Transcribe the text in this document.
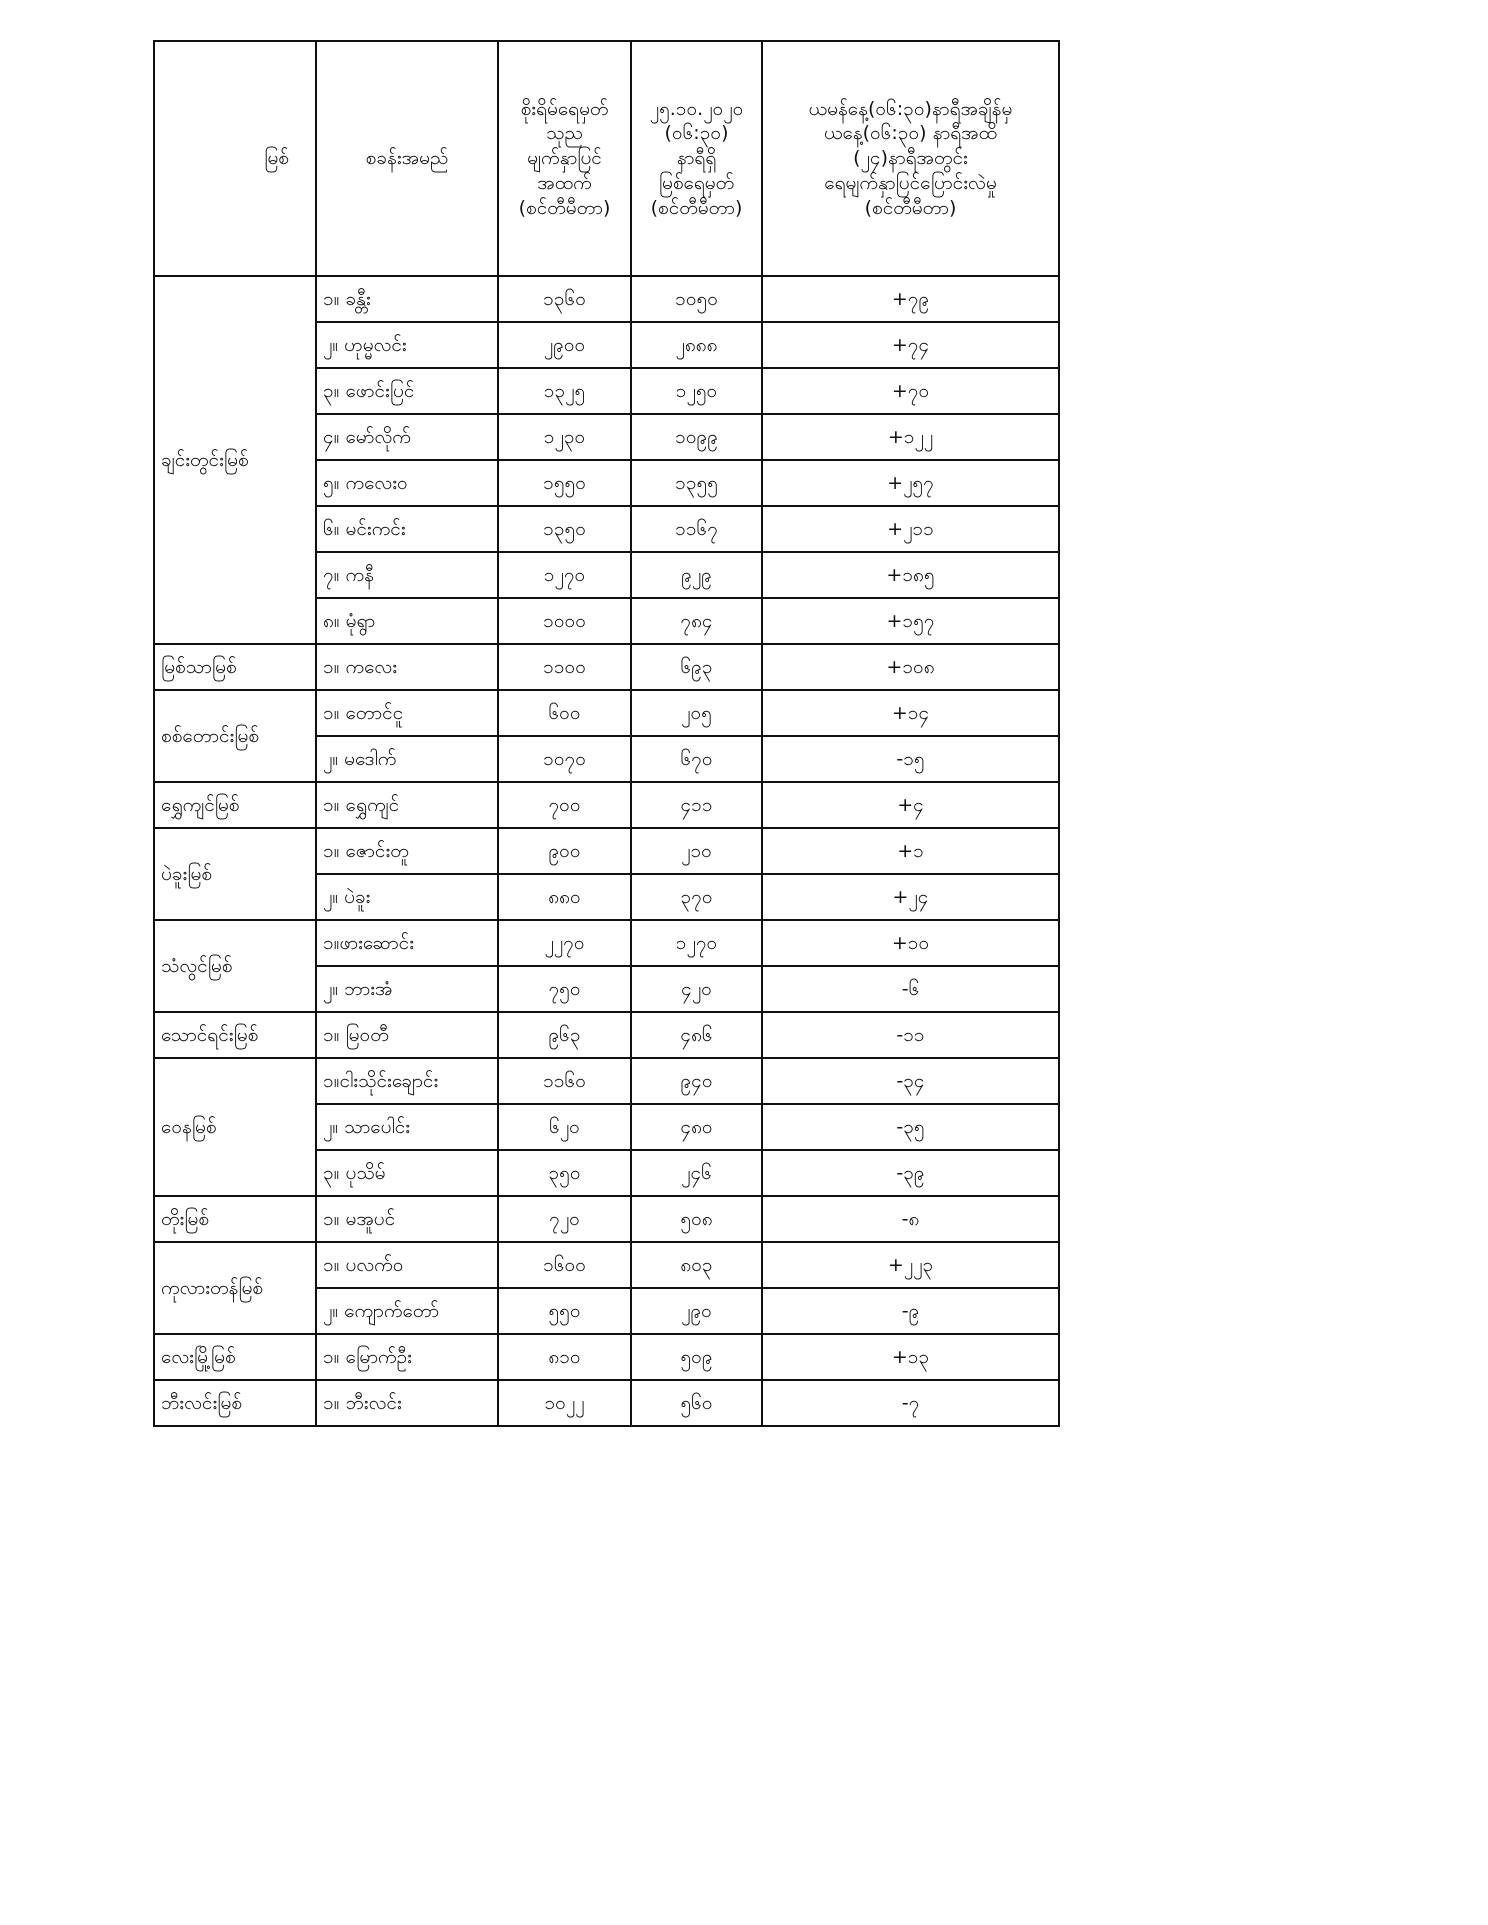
မြစ်	စခန်းအမည်	စိုးရိမ်ရေမှတ်
သုည
မျက်နှာပြင်
အထက်
(စင်တီမီတာ)	၂၅.၁၀.၂၀၂၀
(၀၆:၃၀)
နာရီရှိ
မြစ်ရေမှတ်
(စင်တီမီတာ)	ယမန်နေ့(၀၆:၃၀)နာရီအချိန်မှ
ယနေ့(၀၆:၃၀) နာရီအထိ
(၂၄)နာရီအတွင်း
ရေမျက်နှာပြင်ပြောင်းလဲမှု
(စင်တီမီတာ)
ချင်းတွင်းမြစ်	၁။ ခန္တီး	၁၃၆၀	၁၀၅၀	+၇၉
	၂။ ဟုမ္မလင်း	၂၉၀၀	၂၈၈၈	+၇၄
	၃။ ဖောင်းပြင်	၁၃၂၅	၁၂၅၀	+၇၀
	၄။ မော်လိုက်	၁၂၃၀	၁၀၉၉	+၁၂၂
	၅။ ကလေးဝ	၁၅၅၀	၁၃၅၅	+၂၅၇
	၆။ မင်းကင်း	၁၃၅၀	၁၁၆၇	+၂၁၁
	၇။ ကနီ	၁၂၇၀	၉၂၉	+၁၈၅
	၈။ မုံရွာ	၁၀၀၀	၇၈၄	+၁၅၇
မြစ်သာမြစ်	၁။ ကလေး	၁၁၀၀	၆၉၃	+၁၀၈
စစ်တောင်းမြစ်	၁။ တောင်ငူ	၆၀၀	၂၀၅	+၁၄
	၂။ မဒေါက်	၁၀၇၀	၆၇၀	-၁၅
ရွှေကျင်မြစ်	၁။ ရွှေကျင်	၇၀၀	၄၁၁	+၄
ပဲခူးမြစ်	၁။ ဇောင်းတူ	၉၀၀	၂၁၀	+၁
	၂။ ပဲခူး	၈၈၀	၃၇၀	+၂၄
သံလွင်မြစ်	၁။ဖားဆောင်း	၂၂၇၀	၁၂၇၀	+၁၀
	၂။ ဘားအံ	၇၅၀	၄၂၀	-၆
သောင်ရင်းမြစ်	၁။ မြဝတီ	၉၆၃	၄၈၆	-၁၁
ဝေနမြစ်	၁။ငါးသိုင်းချောင်း	၁၁၆၀	၉၄၀	-၃၄
	၂။ သာပေါင်း	၆၂၀	၄၈၀	-၃၅
	၃။ ပုသိမ်	၃၅၀	၂၄၆	-၃၉
တိုးမြစ်	၁။ မအူပင်	၇၂၀	၅၀၈	-၈
ကုလားတန်မြစ်	၁။ ပလက်ဝ	၁၆၀၀	၈၀၃	+၂၂၃
	၂။ ကျောက်တော်	၅၅၀	၂၉၀	-၉
လေးမြို့မြစ်	၁။ မြောက်ဦး	၈၁၀	၅၀၉	+၁၃
ဘီးလင်းမြစ်	၁။ ဘီးလင်း	၁၀၂၂	၅၆၀	-၇
